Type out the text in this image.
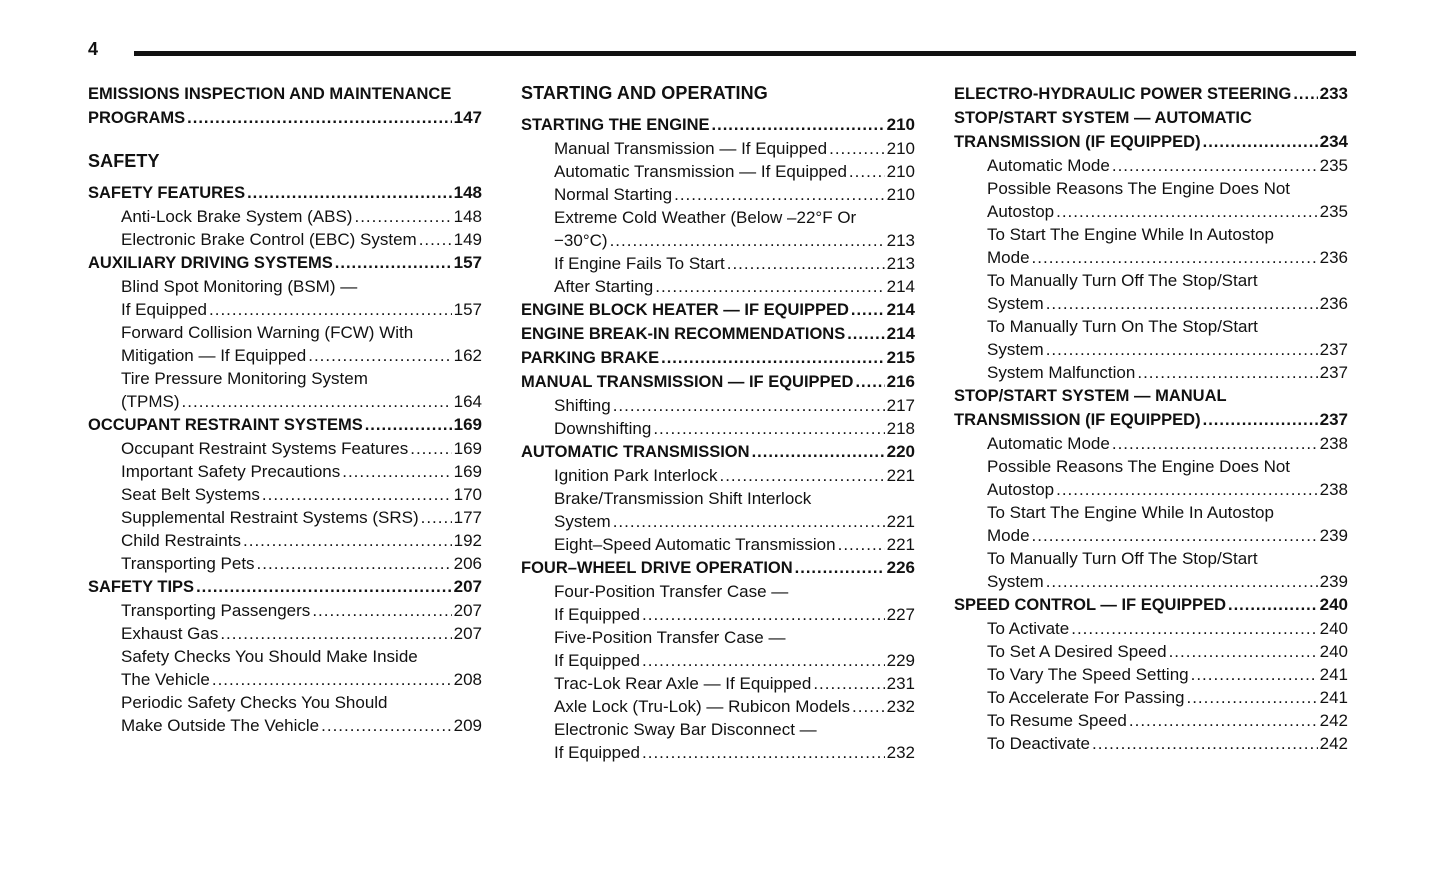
4
EMISSIONS INSPECTION AND MAINTENANCE
PROGRAMS .....	147
SAFETY
SAFETY FEATURES .....	148
Anti-Lock Brake System (ABS) .....	148
Electronic Brake Control (EBC) System ..... 149
AUXILIARY DRIVING SYSTEMS .....	157
Blind Spot Monitoring (BSM) —
If Equipped .....	157
Forward Collision Warning (FCW) With
Mitigation — If Equipped .....	162
Tire Pressure Monitoring System
(TPMS) .....	164
OCCUPANT RESTRAINT SYSTEMS .....	169
Occupant Restraint Systems Features .....	169
Important Safety Precautions .....	169
Seat Belt Systems .....	170
Supplemental Restraint Systems (SRS) ..... 177
Child Restraints .....	192
Transporting Pets .....	206
SAFETY TIPS .....	207
Transporting Passengers .....	207
Exhaust Gas .....	207
Safety Checks You Should Make Inside
The Vehicle .....	208
Periodic Safety Checks You Should
Make Outside The Vehicle .....	209
STARTING AND OPERATING
STARTING THE ENGINE .....	210
Manual Transmission — If Equipped .....	210
Automatic Transmission — If Equipped ..... 210
Normal Starting .....	210
Extreme Cold Weather (Below –22°F Or
−30°C) .....	213
If Engine Fails To Start .....	213
After Starting .....	214
ENGINE BLOCK HEATER — IF EQUIPPED ..... 214
ENGINE BREAK-IN RECOMMENDATIONS ..... 214
PARKING BRAKE .....	215
MANUAL TRANSMISSION — IF EQUIPPED ..... 216
Shifting .....	217
Downshifting .....	218
AUTOMATIC TRANSMISSION .....	220
Ignition Park Interlock .....	221
Brake/Transmission Shift Interlock
System .....	221
Eight–Speed Automatic Transmission .....	221
FOUR–WHEEL DRIVE OPERATION .....	226
Four-Position Transfer Case —
If Equipped .....	227
Five-Position Transfer Case —
If Equipped .....	229
Trac-Lok Rear Axle — If Equipped .....	231
Axle Lock (Tru-Lok) — Rubicon Models ..... 232
Electronic Sway Bar Disconnect —
If Equipped .....	232
ELECTRO-HYDRAULIC POWER STEERING ..... 233
STOP/START SYSTEM — AUTOMATIC
TRANSMISSION (IF EQUIPPED) .....	234
Automatic Mode .....	235
Possible Reasons The Engine Does Not
Autostop .....	235
To Start The Engine While In Autostop
Mode .....	236
To Manually Turn Off The Stop/Start
System .....	236
To Manually Turn On The Stop/Start
System .....	237
System Malfunction .....	237
STOP/START SYSTEM — MANUAL
TRANSMISSION (IF EQUIPPED) .....	237
Automatic Mode .....	238
Possible Reasons The Engine Does Not
Autostop .....	238
To Start The Engine While In Autostop
Mode .....	239
To Manually Turn Off The Stop/Start
System .....	239
SPEED CONTROL — IF EQUIPPED .....	240
To Activate .....	240
To Set A Desired Speed .....	240
To Vary The Speed Setting .....	241
To Accelerate For Passing .....	241
To Resume Speed .....	242
To Deactivate .....	242
